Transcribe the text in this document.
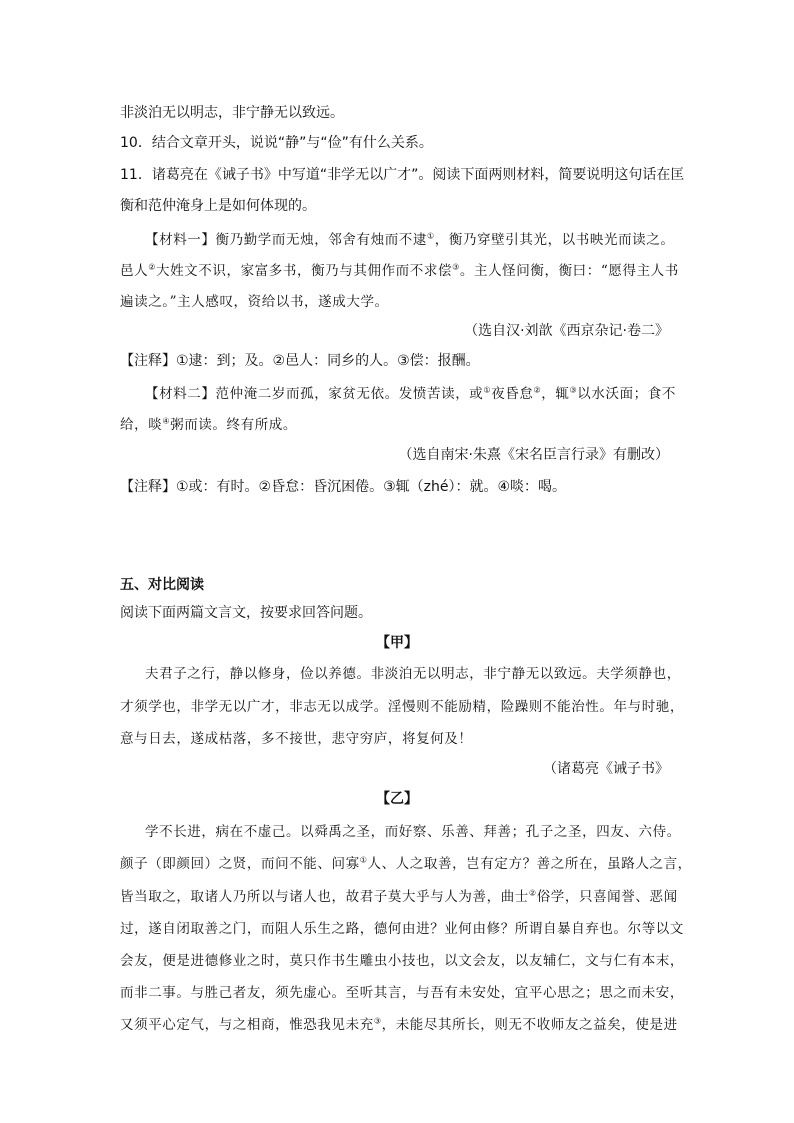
非淡泊无以明志，非宁静无以致远。
10．结合文章开头，说说“静”与“俭”有什么关系。
11．诸葛亮在《诫子书》中写道“非学无以广才”。阅读下面两则材料，简要说明这句话在匡
衡和范仲淹身上是如何体现的。
【材料一】衡乃勤学而无烛，邻舍有烛而不逮①，衡乃穿壁引其光，以书映光而读之。
邑人②大姓文不识，家富多书，衡乃与其佣作而不求偿③。主人怪问衡，衡曰：“愿得主人书
遍读之。”主人感叹，资给以书，遂成大学。
（选自汉·刘歆《西京杂记·卷二》
【注释】①逮：到；及。②邑人：同乡的人。③偿：报酬。
【材料二】范仲淹二岁而孤，家贫无依。发愤苦读，或①夜昏怠②，辄③以水沃面；食不
给，啖④粥而读。终有所成。
（选自南宋·朱熹《宋名臣言行录》有删改）
【注释】①或：有时。②昏怠：昏沉困倦。③辄（zhé）：就。④啖：喝。
五、对比阅读
阅读下面两篇文言文，按要求回答问题。
【甲】
夫君子之行，静以修身，俭以养德。非淡泊无以明志，非宁静无以致远。夫学须静也，
才须学也，非学无以广才，非志无以成学。淫慢则不能励精，险躁则不能治性。年与时驰，
意与日去，遂成枯落，多不接世，悲守穷庐，将复何及！
（诸葛亮《诫子书》
【乙】
学不长进，病在不虚己。以舜禹之圣，而好察、乐善、拜善；孔子之圣，四友、六侍。
颜子（即颜回）之贤，而问不能、问寡①人、人之取善，岂有定方？善之所在，虽路人之言，
皆当取之，取诸人乃所以与诸人也，故君子莫大乎与人为善，曲士②俗学，只喜闻誉、恶闻
过，遂自闭取善之门，而阻人乐生之路，德何由进？业何由修？所谓自暴自弃也。尔等以文
会友，便是进德修业之时，莫只作书生雕虫小技也，以文会友，以友辅仁，文与仁有本末，
而非二事。与胜己者友，须先虚心。至听其言，与吾有未安处，宜平心思之；思之而未安，
又须平心定气，与之相商，惟恐我见未充③，未能尽其所长，则无不收师友之益矣，使是进
